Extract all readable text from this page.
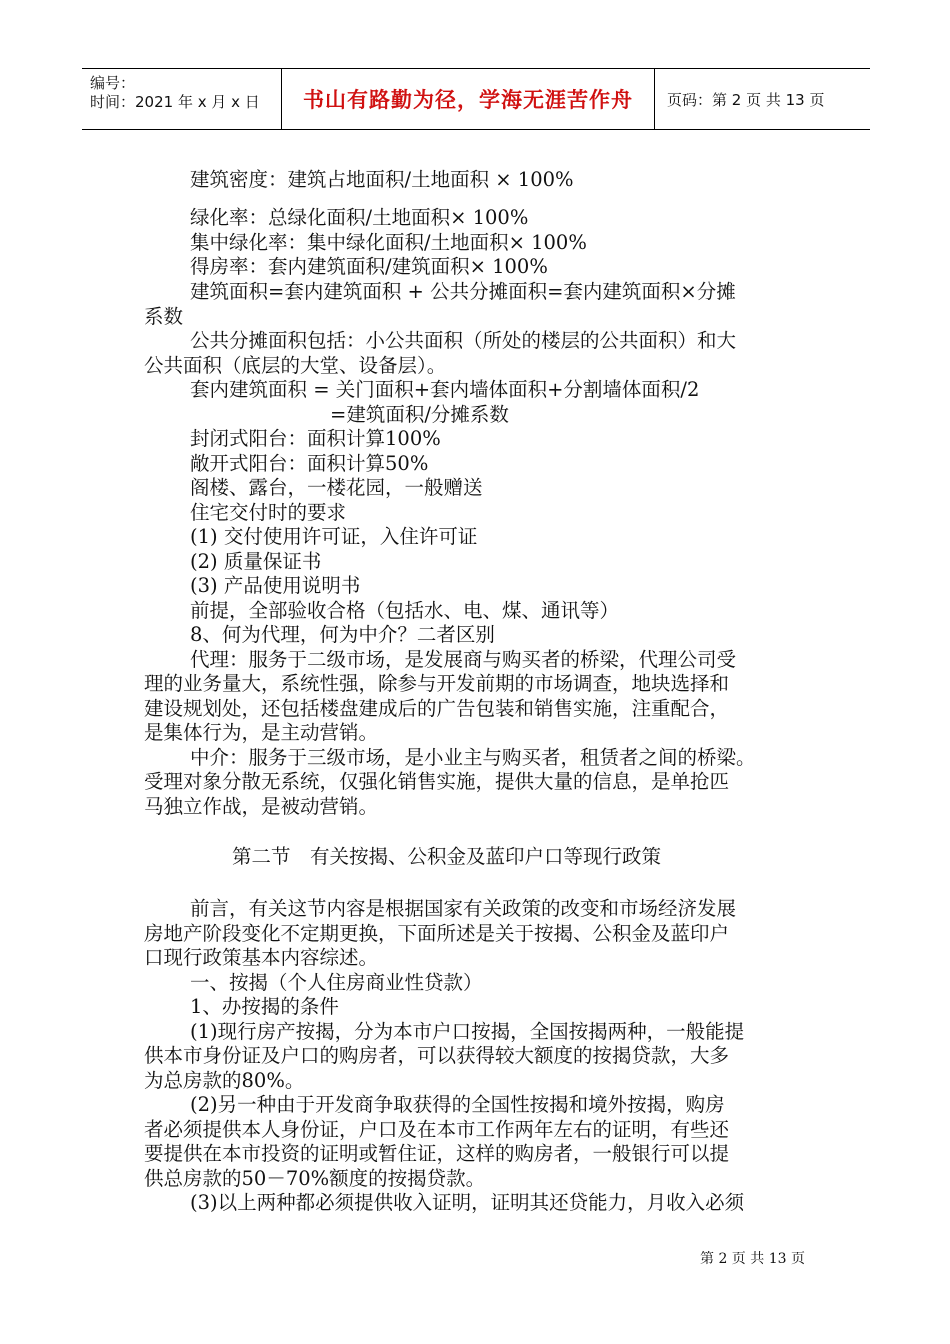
编号：
时间：2021 年 x 月 x 日	书山有路勤为径，学海无涯苦作舟	页码：第 2 页 共 13 页
建筑密度：建筑占地面积/土地面积 × 100%
绿化率：总绿化面积/土地面积× 100%
集中绿化率：集中绿化面积/土地面积× 100%
得房率：套内建筑面积/建筑面积× 100%
建筑面积=套内建筑面积 + 公共分摊面积=套内建筑面积×分摊
系数
公共分摊面积包括：小公共面积（所处的楼层的公共面积）和大
公共面积（底层的大堂、设备层）。
套内建筑面积 = 关门面积+套内墙体面积+分割墙体面积/2
=建筑面积/分摊系数
封闭式阳台：面积计算100%
敞开式阳台：面积计算50%
阁楼、露台，一楼花园，一般赠送
住宅交付时的要求
(1) 交付使用许可证，入住许可证
(2) 质量保证书
(3) 产品使用说明书
前提，全部验收合格（包括水、电、煤、通讯等）
8、何为代理，何为中介？二者区别
代理：服务于二级市场，是发展商与购买者的桥梁，代理公司受
理的业务量大，系统性强，除参与开发前期的市场调查，地块选择和
建设规划处，还包括楼盘建成后的广告包装和销售实施，注重配合，
是集体行为，是主动营销。
中介：服务于三级市场，是小业主与购买者，租赁者之间的桥梁。
受理对象分散无系统，仅强化销售实施，提供大量的信息，是单抢匹
马独立作战，是被动营销。
第二节　有关按揭、公积金及蓝印户口等现行政策
前言，有关这节内容是根据国家有关政策的改变和市场经济发展
房地产阶段变化不定期更换，下面所述是关于按揭、公积金及蓝印户
口现行政策基本内容综述。
一、按揭（个人住房商业性贷款）
1、办按揭的条件
(1)现行房产按揭，分为本市户口按揭，全国按揭两种，一般能提
供本市身份证及户口的购房者，可以获得较大额度的按揭贷款，大多
为总房款的80%。
(2)另一种由于开发商争取获得的全国性按揭和境外按揭，购房
者必须提供本人身份证，户口及在本市工作两年左右的证明，有些还
要提供在本市投资的证明或暂住证，这样的购房者，一般银行可以提
供总房款的50－70%额度的按揭贷款。
(3)以上两种都必须提供收入证明，证明其还贷能力，月收入必须
第 2 页 共 13 页
